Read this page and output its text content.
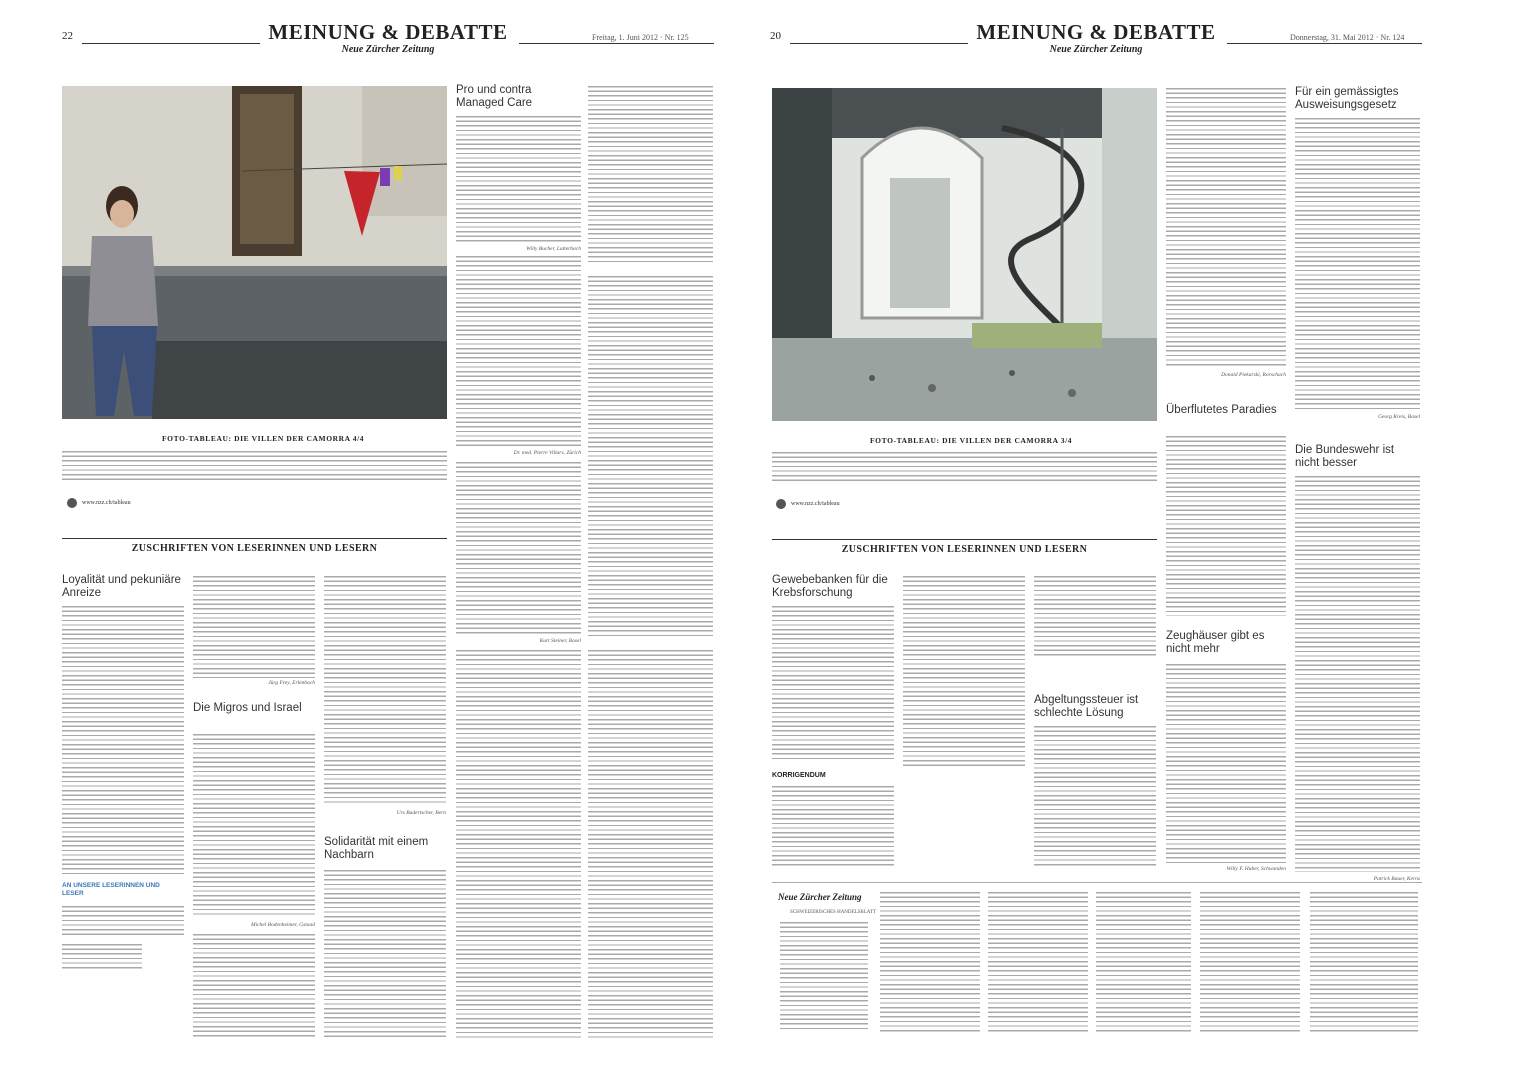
22	MEINUNG & DEBATTE
Neue Zürcher Zeitung
Freitag, 1. Juni 2012 · Nr. 125
FOTO-TABLEAU: DIE VILLEN DER CAMORRA 4/4
www.nzz.ch/tableau
Pro und contra Managed Care
Willy Bucher, Lutterbach
Dr. med. Pierre Villars, Zürich
Kurt Steiner, Basel
ZUSCHRIFTEN VON LESERINNEN UND LESERN
Loyalität und pekuniäre Anreize
AN UNSERE LESERINNEN UND LESER
Jürg Frey, Erlenbach
Die Migros und Israel
Michel Bodenheimer, Gstaad
Urs Badertscher, Bern
Solidarität mit einem Nachbarn
20	MEINUNG & DEBATTE
Neue Zürcher Zeitung
Donnerstag, 31. Mai 2012 · Nr. 124
FOTO-TABLEAU: DIE VILLEN DER CAMORRA 3/4
www.nzz.ch/tableau
Donald Piekarski, Rorschach
Überflutetes Paradies
Zeughäuser gibt es nicht mehr
Willy F. Huber, Schwanden
Für ein gemässigtes Ausweisungsgesetz
Georg Kreis, Basel
Die Bundeswehr ist nicht besser
Patrick Bauer, Kerns
ZUSCHRIFTEN VON LESERINNEN UND LESERN
Gewebebanken für die Krebsforschung
KORRIGENDUM
Abgeltungssteuer ist schlechte Lösung
Neue Zürcher Zeitung
SCHWEIZERISCHES HANDELSBLATT
